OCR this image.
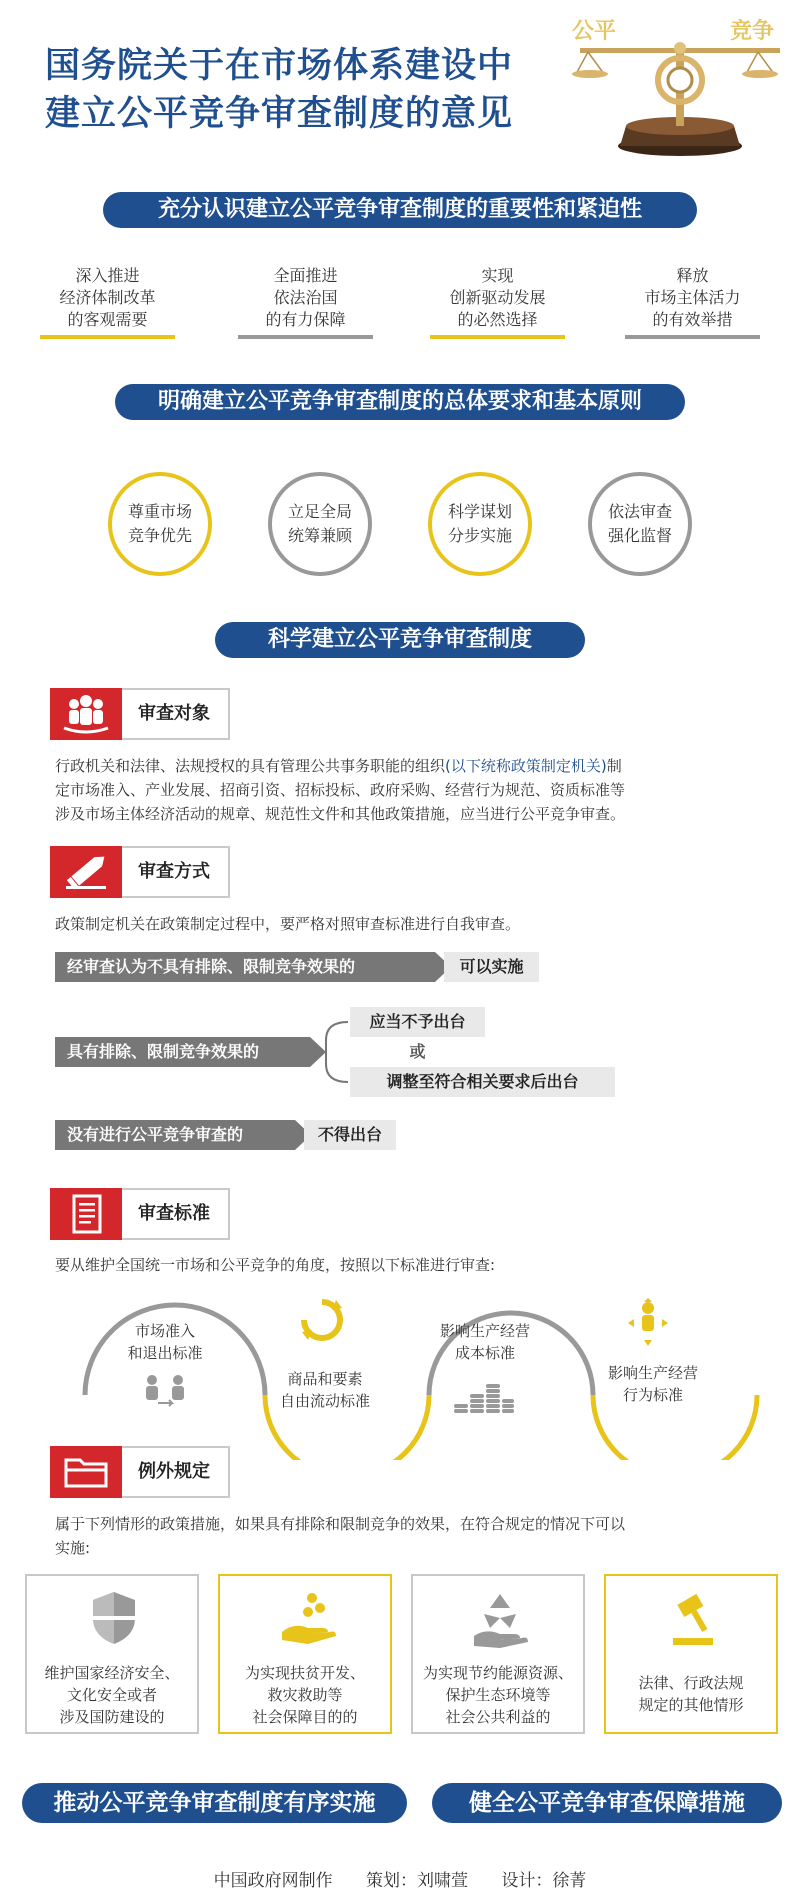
国务院关于在市场体系建设中
建立公平竞争审查制度的意见
公平	竞争
充分认识建立公平竞争审查制度的重要性和紧迫性
深入推进
经济体制改革
的客观需要
全面推进
依法治国
的有力保障
实现
创新驱动发展
的必然选择
释放
市场主体活力
的有效举措
明确建立公平竞争审查制度的总体要求和基本原则
尊重市场
竞争优先
立足全局
统筹兼顾
科学谋划
分步实施
依法审查
强化监督
科学建立公平竞争审查制度
审查对象
行政机关和法律、法规授权的具有管理公共事务职能的组织(以下统称政策制定机关)制
定市场准入、产业发展、招商引资、招标投标、政府采购、经营行为规范、资质标准等
涉及市场主体经济活动的规章、规范性文件和其他政策措施，应当进行公平竞争审查。
审查方式
政策制定机关在政策制定过程中，要严格对照审查标准进行自我审查。
经审查认为不具有排除、限制竞争效果的	可以实施
具有排除、限制竞争效果的
应当不予出台
或
调整至符合相关要求后出台
没有进行公平竞争审查的	不得出台
审查标准
要从维护全国统一市场和公平竞争的角度，按照以下标准进行审查:
市场准入
和退出标准
商品和要素
自由流动标准
影响生产经营
成本标准
影响生产经营
行为标准
例外规定
属于下列情形的政策措施，如果具有排除和限制竞争的效果，在符合规定的情况下可以
实施:
维护国家经济安全、
文化安全或者
涉及国防建设的
为实现扶贫开发、
救灾救助等
社会保障目的的
为实现节约能源资源、
保护生态环境等
社会公共利益的
法律、行政法规
规定的其他情形
推动公平竞争审查制度有序实施	健全公平竞争审查保障措施
中国政府网制作 策划：刘啸萱 设计：徐菁
